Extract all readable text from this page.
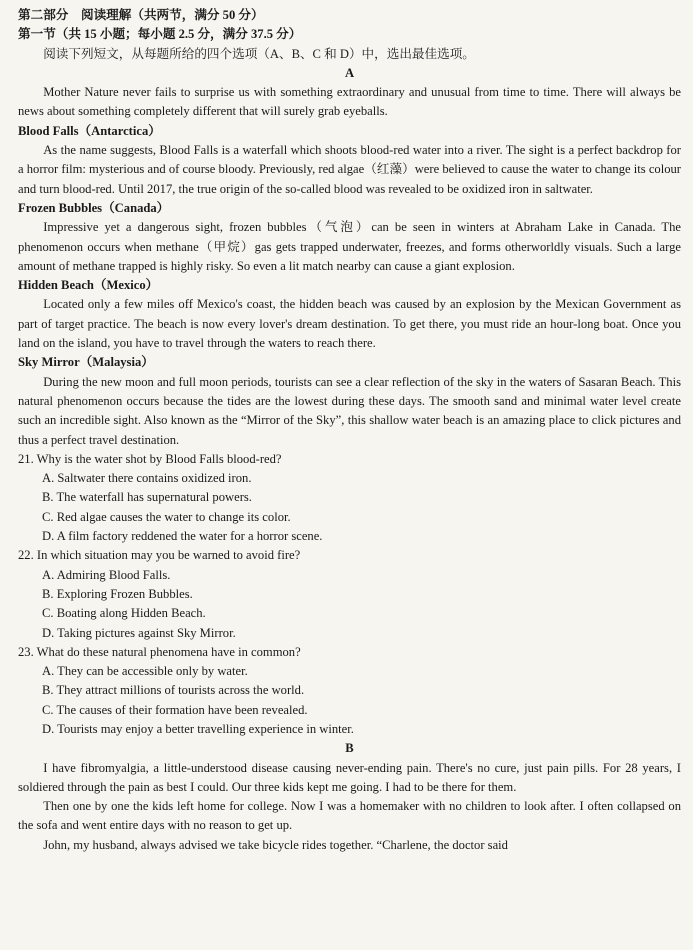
第二部分　阅读理解（共两节，满分 50 分）

第一节（共 15 小题；每小题 2.5 分，满分 37.5 分）

阅读下列短文，从每题所给的四个选项（A、B、C 和 D）中，选出最佳选项。

A

Mother Nature never fails to surprise us with something extraordinary and unusual from time to time. There will always be news about something completely different that will surely grab eyeballs.

Blood Falls（Antarctica）

As the name suggests, Blood Falls is a waterfall which shoots blood-red water into a river. The sight is a perfect backdrop for a horror film: mysterious and of course bloody. Previously, red algae（红藻）were believed to cause the water to change its colour and turn blood-red. Until 2017, the true origin of the so-called blood was revealed to be oxidized iron in saltwater.

Frozen Bubbles（Canada）

Impressive yet a dangerous sight, frozen bubbles（气泡）can be seen in winters at Abraham Lake in Canada. The phenomenon occurs when methane（甲烷）gas gets trapped underwater, freezes, and forms otherworldly visuals. Such a large amount of methane trapped is highly risky. So even a lit match nearby can cause a giant explosion.

Hidden Beach（Mexico）

Located only a few miles off Mexico's coast, the hidden beach was caused by an explosion by the Mexican Government as part of target practice. The beach is now every lover's dream destination. To get there, you must ride an hour-long boat. Once you land on the island, you have to travel through the waters to reach there.

Sky Mirror（Malaysia）

During the new moon and full moon periods, tourists can see a clear reflection of the sky in the waters of Sasaran Beach. This natural phenomenon occurs because the tides are the lowest during these days. The smooth sand and minimal water level create such an incredible sight. Also known as the “Mirror of the Sky”, this shallow water beach is an amazing place to click pictures and thus a perfect travel destination.

21. Why is the water shot by Blood Falls blood-red?

A. Saltwater there contains oxidized iron.

B. The waterfall has supernatural powers.

C. Red algae causes the water to change its color.

D. A film factory reddened the water for a horror scene.

22. In which situation may you be warned to avoid fire?

A. Admiring Blood Falls.

B. Exploring Frozen Bubbles.

C. Boating along Hidden Beach.

D. Taking pictures against Sky Mirror.

23. What do these natural phenomena have in common?

A. They can be accessible only by water.

B. They attract millions of tourists across the world.

C. The causes of their formation have been revealed.

D. Tourists may enjoy a better travelling experience in winter.

B

I have fibromyalgia, a little-understood disease causing never-ending pain. There's no cure, just pain pills. For 28 years, I soldiered through the pain as best I could. Our three kids kept me going. I had to be there for them.

Then one by one the kids left home for college. Now I was a homemaker with no children to look after. I often collapsed on the sofa and went entire days with no reason to get up.

John, my husband, always advised we take bicycle rides together. “Charlene, the doctor said
